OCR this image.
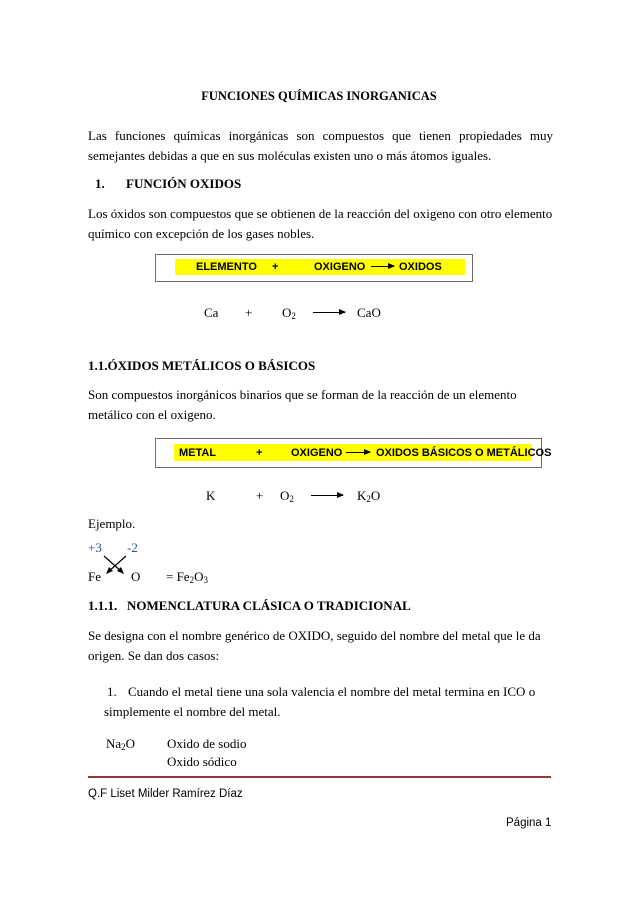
FUNCIONES QUÍMICAS INORGANICAS
Las funciones químicas inorgánicas son compuestos que tienen propiedades muy semejantes debidas a que en sus moléculas existen uno o más átomos iguales.
1. FUNCIÓN OXIDOS
Los óxidos son compuestos que se obtienen de la reacción del oxigeno con otro elemento químico con excepción de los gases nobles.
ELEMENTO +	OXIGENO	OXIDOS
$Ca + O_2$	CaO
1.1.ÓXIDOS METÁLICOS O BÁSICOS
Son compuestos inorgánicos binarios que se forman de la reacción de un elemento metálico con el oxigeno.
METAL	+	OXIGENO	OXIDOS BÁSICOS O METÁLICOS
K	+ $O_2$	$K_2O$
Ejemplo.
+3 -2
Fe $O = Fe_2O_3$
1.1.1.   NOMENCLATURA CLÁSICA O TRADICIONAL
Se designa con el nombre genérico de OXIDO, seguido del nombre del metal que le da origen. Se dan dos casos:
1. Cuando el metal tiene una sola valencia el nombre del metal termina en ICO o simplemente el nombre del metal.
$Na_2O$ Oxido de sodio
Oxido sódico
Q.F Liset Milder Ramírez Díaz
Página 1
